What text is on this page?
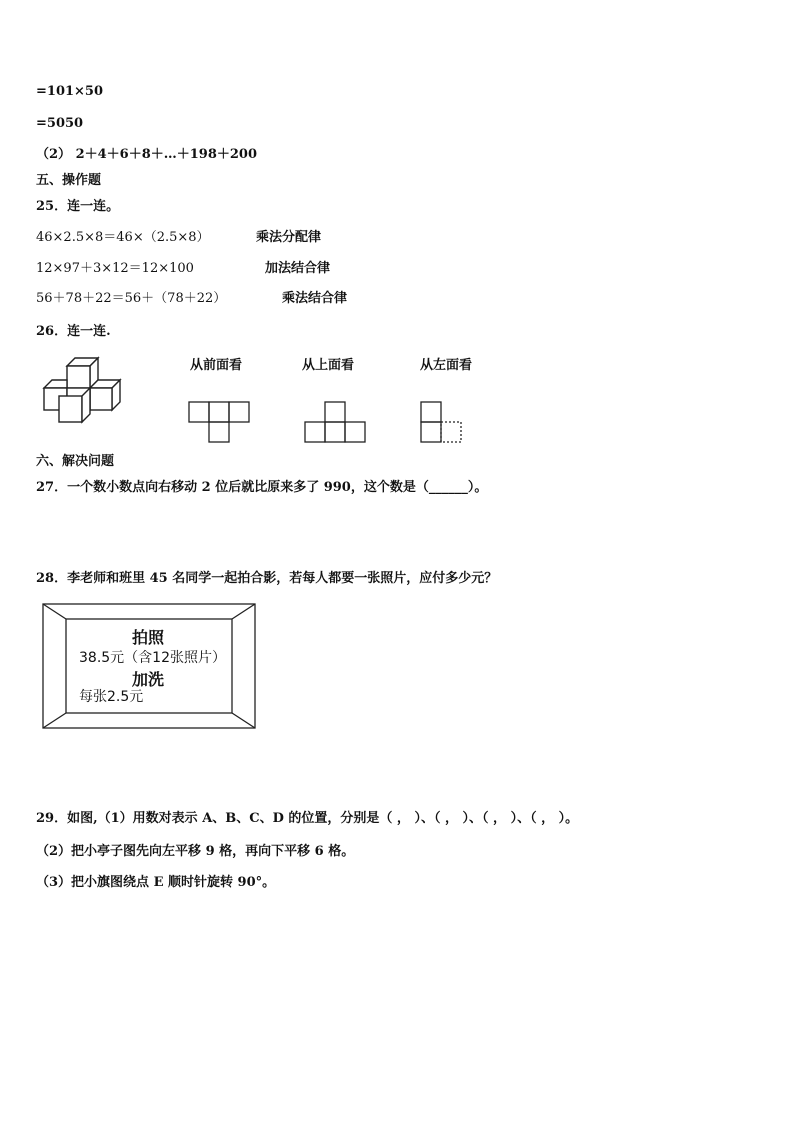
=101×50
=5050
（2） 2＋4＋6＋8＋…＋198＋200
五、操作题
25．连一连。
46×2.5×8＝46×（2.5×8）	乘法分配律
12×97＋3×12＝12×100	加法结合律
56＋78＋22＝56＋（78＋22）	乘法结合律
26．连一连.
从前面看	从上面看	从左面看
六、解决问题
27．一个数小数点向右移动 2 位后就比原来多了 990，这个数是（______）。
28．李老师和班里 45 名同学一起拍合影，若每人都要一张照片，应付多少元？
拍照
38.5元（含12张照片）
加洗
每张2.5元
29．如图,（1）用数对表示 A、B、C、D 的位置，分别是（ ， ）、（ ， ）、（ ， ）、（ ， ）。
（2）把小亭子图先向左平移 9 格，再向下平移 6 格。
（3）把小旗图绕点 E 顺时针旋转 90°。
